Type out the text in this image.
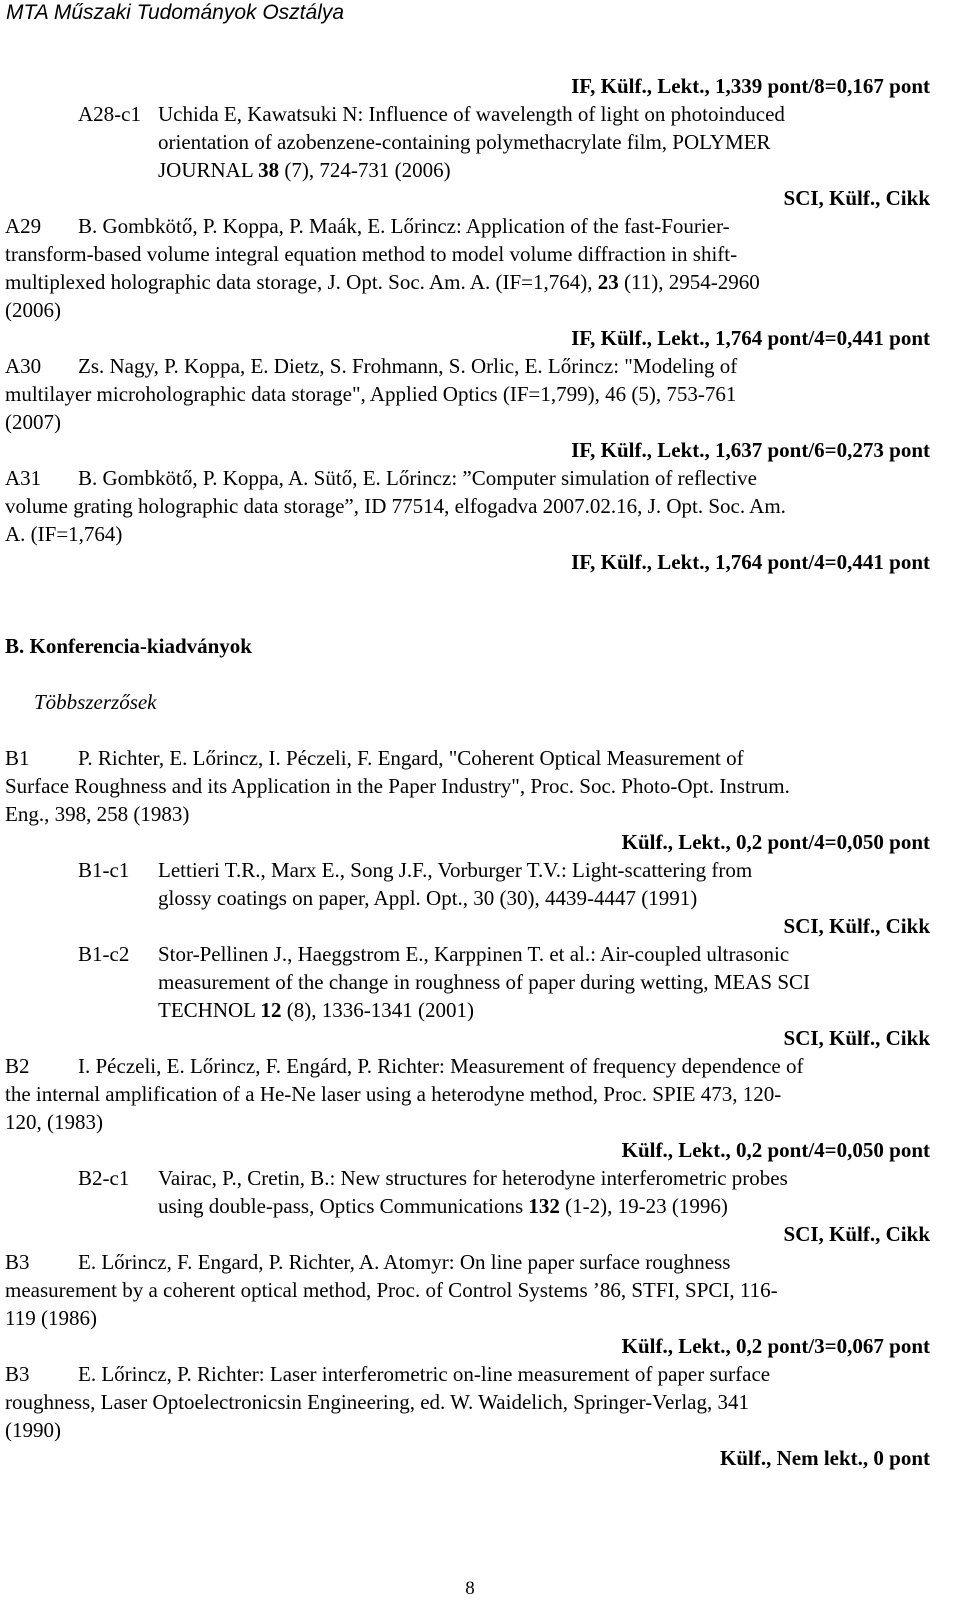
MTA Műszaki Tudományok Osztálya
IF, Külf., Lekt., 1,339 pont/8=0,167 pont
A28-c1 Uchida E, Kawatsuki N: Influence of wavelength of light on photoinduced
orientation of azobenzene-containing polymethacrylate film, POLYMER
JOURNAL 38 (7), 724-731 (2006)
SCI, Külf., Cikk
A29 B. Gombkötő, P. Koppa, P. Maák, E. Lőrincz: Application of the fast-Fourier-
transform-based volume integral equation method to model volume diffraction in shift-
multiplexed holographic data storage, J. Opt. Soc. Am. A. (IF=1,764), 23 (11), 2954-2960
(2006)
IF, Külf., Lekt., 1,764 pont/4=0,441 pont
A30 Zs. Nagy, P. Koppa, E. Dietz, S. Frohmann, S. Orlic, E. Lőrincz: "Modeling of
multilayer microholographic data storage", Applied Optics (IF=1,799), 46 (5), 753-761
(2007)
IF, Külf., Lekt., 1,637 pont/6=0,273 pont
A31 B. Gombkötő, P. Koppa, A. Sütő, E. Lőrincz: ”Computer simulation of reflective
volume grating holographic data storage”, ID 77514, elfogadva 2007.02.16, J. Opt. Soc. Am.
A. (IF=1,764)
IF, Külf., Lekt., 1,764 pont/4=0,441 pont
B. Konferencia-kiadványok
Többszerzősek
B1 P. Richter, E. Lőrincz, I. Péczeli, F. Engard, "Coherent Optical Measurement of
Surface Roughness and its Application in the Paper Industry", Proc. Soc. Photo-Opt. Instrum.
Eng., 398, 258 (1983)
Külf., Lekt., 0,2 pont/4=0,050 pont
B1-c1 Lettieri T.R., Marx E., Song J.F., Vorburger T.V.: Light-scattering from
glossy coatings on paper, Appl. Opt., 30 (30), 4439-4447 (1991)
SCI, Külf., Cikk
B1-c2 Stor-Pellinen J., Haeggstrom E., Karppinen T. et al.: Air-coupled ultrasonic
measurement of the change in roughness of paper during wetting, MEAS SCI
TECHNOL 12 (8), 1336-1341 (2001)
SCI, Külf., Cikk
B2 I. Péczeli, E. Lőrincz, F. Engárd, P. Richter: Measurement of frequency dependence of
the internal amplification of a He-Ne laser using a heterodyne method, Proc. SPIE 473, 120-
120, (1983)
Külf., Lekt., 0,2 pont/4=0,050 pont
B2-c1 Vairac, P., Cretin, B.: New structures for heterodyne interferometric probes
using double-pass, Optics Communications 132 (1-2), 19-23 (1996)
SCI, Külf., Cikk
B3 E. Lőrincz, F. Engard, P. Richter, A. Atomyr: On line paper surface roughness
measurement by a coherent optical method, Proc. of Control Systems ’86, STFI, SPCI, 116-
119 (1986)
Külf., Lekt., 0,2 pont/3=0,067 pont
B3 E. Lőrincz, P. Richter: Laser interferometric on-line measurement of paper surface
roughness, Laser Optoelectronicsin Engineering, ed. W. Waidelich, Springer-Verlag, 341
(1990)
Külf., Nem lekt., 0 pont
8
